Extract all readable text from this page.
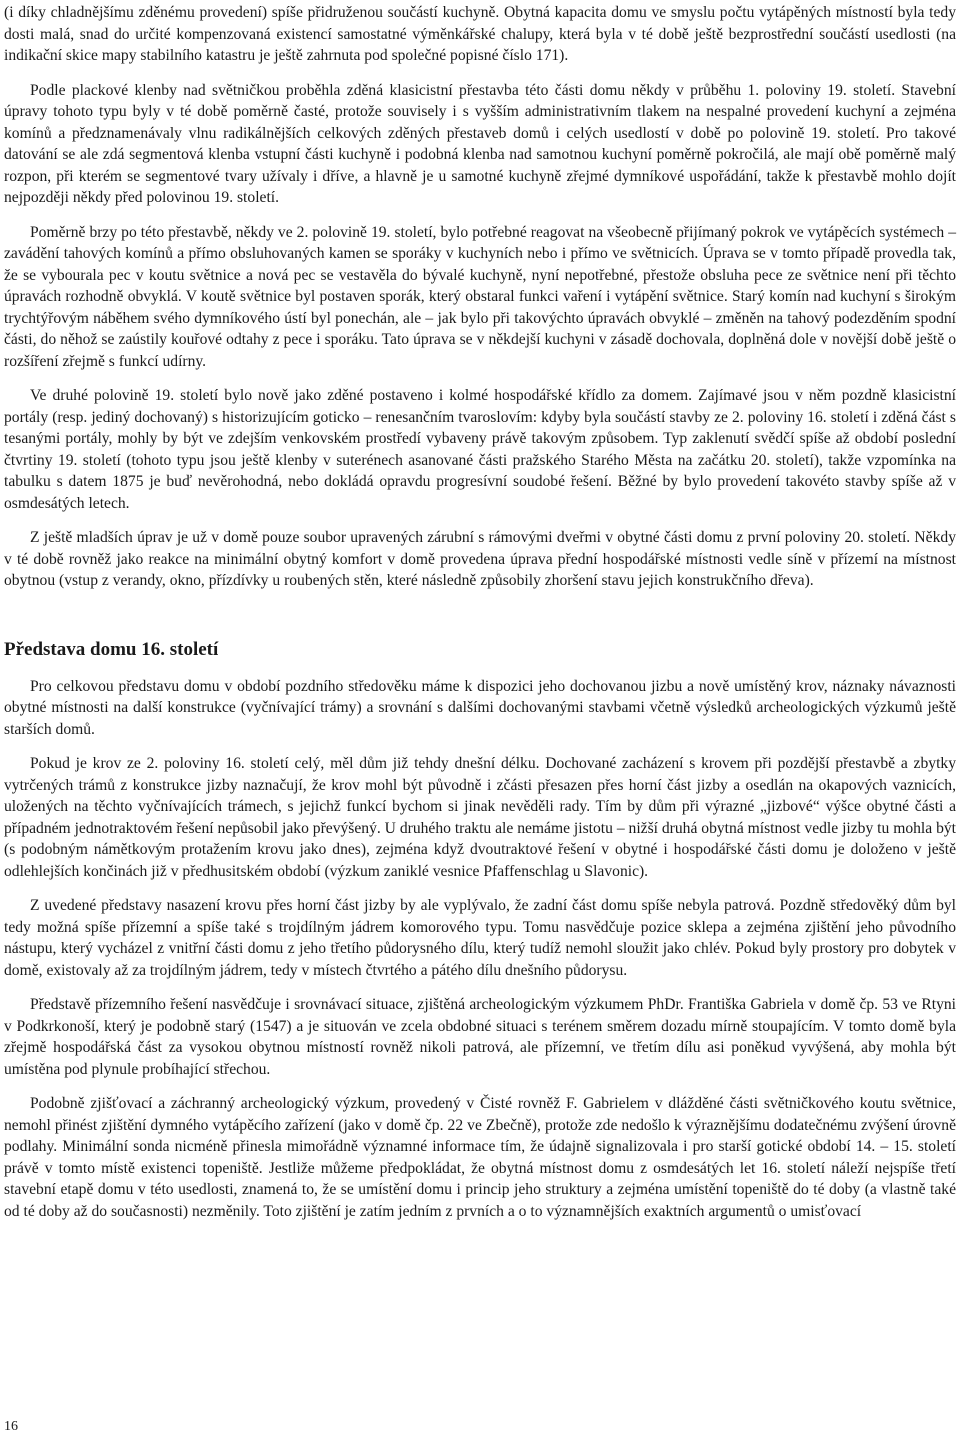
(i díky chladnějšímu zděnému provedení) spíše přidruženou součástí kuchyně. Obytná kapacita domu ve smyslu počtu vytápěných místností byla tedy dosti malá, snad do určité kompenzovaná existencí samostatné výměnkářské chalupy, která byla v té době ještě bezprostřední součástí usedlosti (na indikační skice mapy stabilního katastru je ještě zahrnuta pod společné popisné číslo 171).

Podle plackové klenby nad světničkou proběhla zděná klasicistní přestavba této části domu někdy v průběhu 1. poloviny 19. století. Stavební úpravy tohoto typu byly v té době poměrně časté, protože souvisely i s vyšším administrativním tlakem na nespalné provedení kuchyní a zejména komínů a předznamenávaly vlnu radikálnějších celkových zděných přestaveb domů i celých usedlostí v době po polovině 19. století. Pro takové datování se ale zdá segmentová klenba vstupní části kuchyně i podobná klenba nad samotnou kuchyní poměrně pokročilá, ale mají obě poměrně malý rozpon, při kterém se segmentové tvary užívaly i dříve, a hlavně je u samotné kuchyně zřejmé dymníkové uspořádání, takže k přestavbě mohlo dojít nejpozději někdy před polovinou 19. století.

Poměrně brzy po této přestavbě, někdy ve 2. polovině 19. století, bylo potřebné reagovat na všeobecně přijímaný pokrok ve vytápěcích systémech – zavádění tahových komínů a přímo obsluhovaných kamen se sporáky v kuchyních nebo i přímo ve světnicích. Úprava se v tomto případě provedla tak, že se vybourala pec v koutu světnice a nová pec se vestavěla do bývalé kuchyně, nyní nepotřebné, přestože obsluha pece ze světnice není při těchto úpravách rozhodně obvyklá. V koutě světnice byl postaven sporák, který obstaral funkci vaření i vytápění světnice. Starý komín nad kuchyní s širokým trychtýřovým náběhem svého dymníkového ústí byl ponechán, ale – jak bylo při takovýchto úpravách obvyklé – změněn na tahový podezděním spodní části, do něhož se zaústily kouřové odtahy z pece i sporáku. Tato úprava se v někdejší kuchyni v zásadě dochovala, doplněná dole v novější době ještě o rozšíření zřejmě s funkcí udírny.

Ve druhé polovině 19. století bylo nově jako zděné postaveno i kolmé hospodářské křídlo za domem. Zajímavé jsou v něm pozdně klasicistní portály (resp. jediný dochovaný) s historizujícím goticko – renesančním tvaroslovím: kdyby byla součástí stavby ze 2. poloviny 16. století i zděná část s tesanými portály, mohly by být ve zdejším venkovském prostředí vybaveny právě takovým způsobem. Typ zaklenutí svědčí spíše až období poslední čtvrtiny 19. století (tohoto typu jsou ještě klenby v suterénech asanované části pražského Starého Města na začátku 20. století), takže vzpomínka na tabulku s datem 1875 je buď nevěrohodná, nebo dokládá opravdu progresívní soudobé řešení. Běžné by bylo provedení takovéto stavby spíše až v osmdesátých letech.

Z ještě mladších úprav je už v domě pouze soubor upravených zárubní s rámovými dveřmi v obytné části domu z první poloviny 20. století. Někdy v té době rovněž jako reakce na minimální obytný komfort v domě provedena úprava přední hospodářské místnosti vedle síně v přízemí na místnost obytnou (vstup z verandy, okno, přízdívky u roubených stěn, které následně způsobily zhoršení stavu jejich konstrukčního dřeva).

Představa domu 16. století

Pro celkovou představu domu v období pozdního středověku máme k dispozici jeho dochovanou jizbu a nově umístěný krov, náznaky návaznosti obytné místnosti na další konstrukce (vyčnívající trámy) a srovnání s dalšími dochovanými stavbami včetně výsledků archeologických výzkumů ještě starších domů.

Pokud je krov ze 2. poloviny 16. století celý, měl dům již tehdy dnešní délku. Dochované zacházení s krovem při pozdější přestavbě a zbytky vytrčených trámů z konstrukce jizby naznačují, že krov mohl být původně i zčásti přesazen přes horní část jizby a osedlán na okapových vaznicích, uložených na těchto vyčnívajících trámech, s jejichž funkcí bychom si jinak nevěděli rady. Tím by dům při výrazné „jizbové“ výšce obytné části a případném jednotraktovém řešení nepůsobil jako převýšený. U druhého traktu ale nemáme jistotu – nižší druhá obytná místnost vedle jizby tu mohla být (s podobným námětkovým protažením krovu jako dnes), zejména když dvoutraktové řešení v obytné i hospodářské části domu je doloženo v ještě odlehlejších končinách již v předhusitském období (výzkum zaniklé vesnice Pfaffenschlag u Slavonic).

Z uvedené představy nasazení krovu přes horní část jizby by ale vyplývalo, že zadní část domu spíše nebyla patrová. Pozdně středověký dům byl tedy možná spíše přízemní a spíše také s trojdílným jádrem komorového typu. Tomu nasvědčuje pozice sklepa a zejména zjištění jeho původního nástupu, který vycházel z vnitřní části domu z jeho třetího půdorysného dílu, který tudíž nemohl sloužit jako chlév. Pokud byly prostory pro dobytek v domě, existovaly až za trojdílným jádrem, tedy v místech čtvrtého a pátého dílu dnešního půdorysu.

Představě přízemního řešení nasvědčuje i srovnávací situace, zjištěná archeologickým výzkumem PhDr. Františka Gabriela v domě čp. 53 ve Rtyni v Podkrkonoší, který je podobně starý (1547) a je situován ve zcela obdobné situaci s terénem směrem dozadu mírně stoupajícím. V tomto domě byla zřejmě hospodářská část za vysokou obytnou místností rovněž nikoli patrová, ale přízemní, ve třetím dílu asi poněkud vyvýšená, aby mohla být umístěna pod plynule probíhající střechou.

Podobně zjišťovací a záchranný archeologický výzkum, provedený v Čisté rovněž F. Gabrielem v dlážděné části světničkového koutu světnice, nemohl přinést zjištění dymného vytápěcího zařízení (jako v domě čp. 22 ve Zbečně), protože zde nedošlo k výraznějšímu dodatečnému zvýšení úrovně podlahy. Minimální sonda nicméně přinesla mimořádně významné informace tím, že údajně signalizovala i pro starší gotické období 14. – 15. století právě v tomto místě existenci topeniště. Jestliže můžeme předpokládat, že obytná místnost domu z osmdesátých let 16. století náleží nejspíše třetí stavební etapě domu v této usedlosti, znamená to, že se umístění domu i princip jeho struktury a zejména umístění topeniště do té doby (a vlastně také od té doby až do současnosti) nezměnily. Toto zjištění je zatím jedním z prvních a o to významnějších exaktních argumentů o umisťovací

16
